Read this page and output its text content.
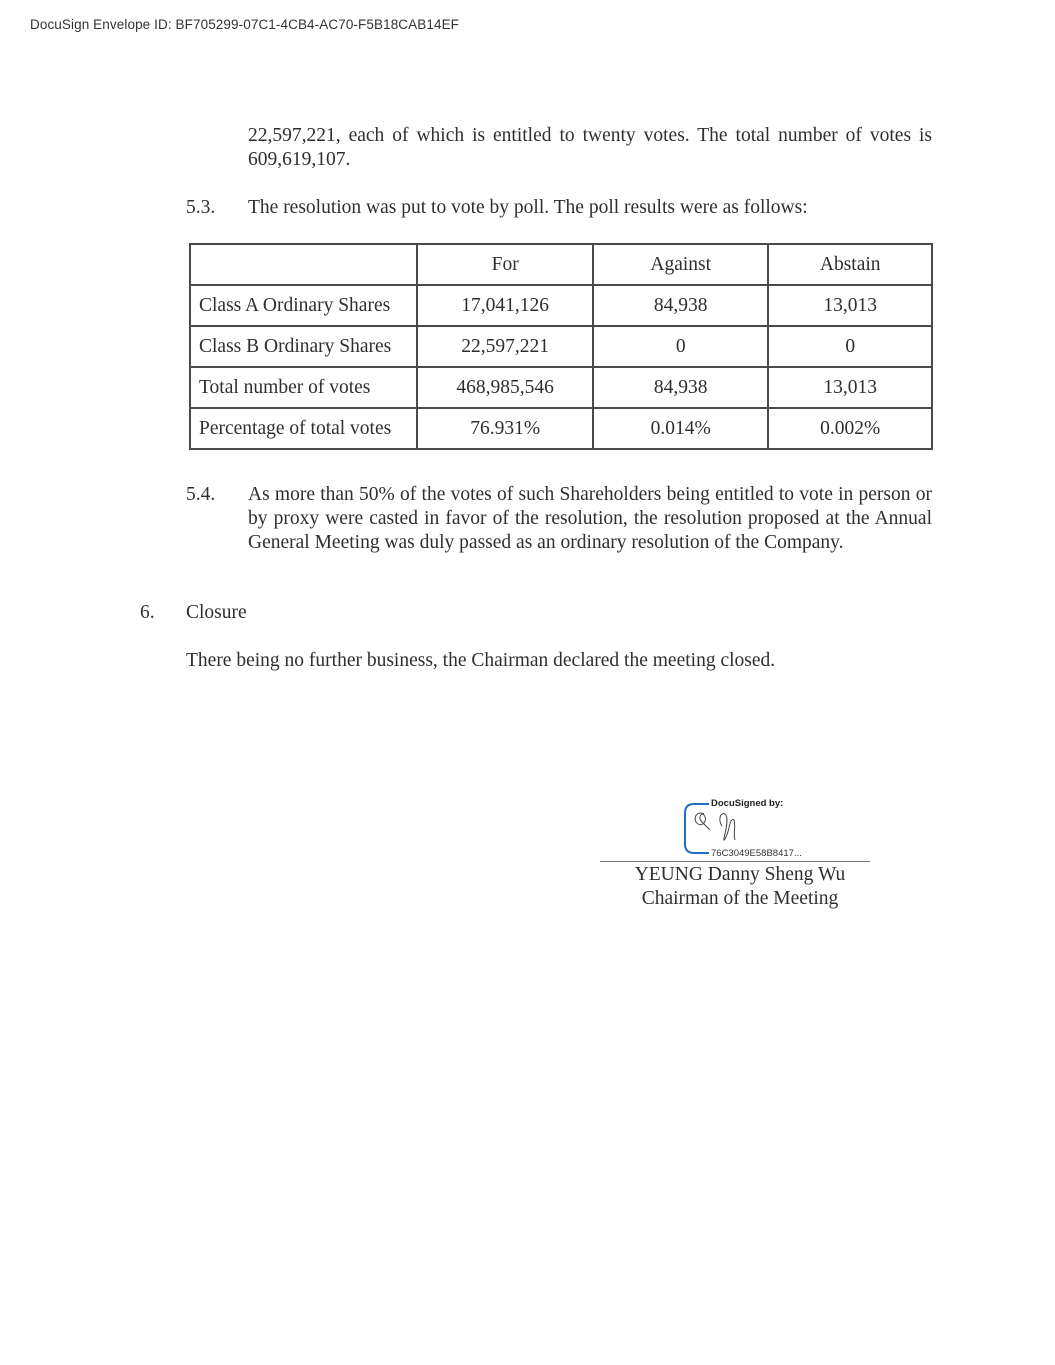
DocuSign Envelope ID: BF705299-07C1-4CB4-AC70-F5B18CAB14EF
22,597,221, each of which is entitled to twenty votes. The total number of votes is 609,619,107.
5.3. The resolution was put to vote by poll. The poll results were as follows:
	For	Against	Abstain
Class A Ordinary Shares	17,041,126	84,938	13,013
Class B Ordinary Shares	22,597,221	0	0
Total number of votes	468,985,546	84,938	13,013
Percentage of total votes	76.931%	0.014%	0.002%
5.4. As more than 50% of the votes of such Shareholders being entitled to vote in person or by proxy were casted in favor of the resolution, the resolution proposed at the Annual General Meeting was duly passed as an ordinary resolution of the Company.
6. Closure
There being no further business, the Chairman declared the meeting closed.
DocuSigned by:
76C3049E58B8417...
YEUNG Danny Sheng Wu
Chairman of the Meeting
